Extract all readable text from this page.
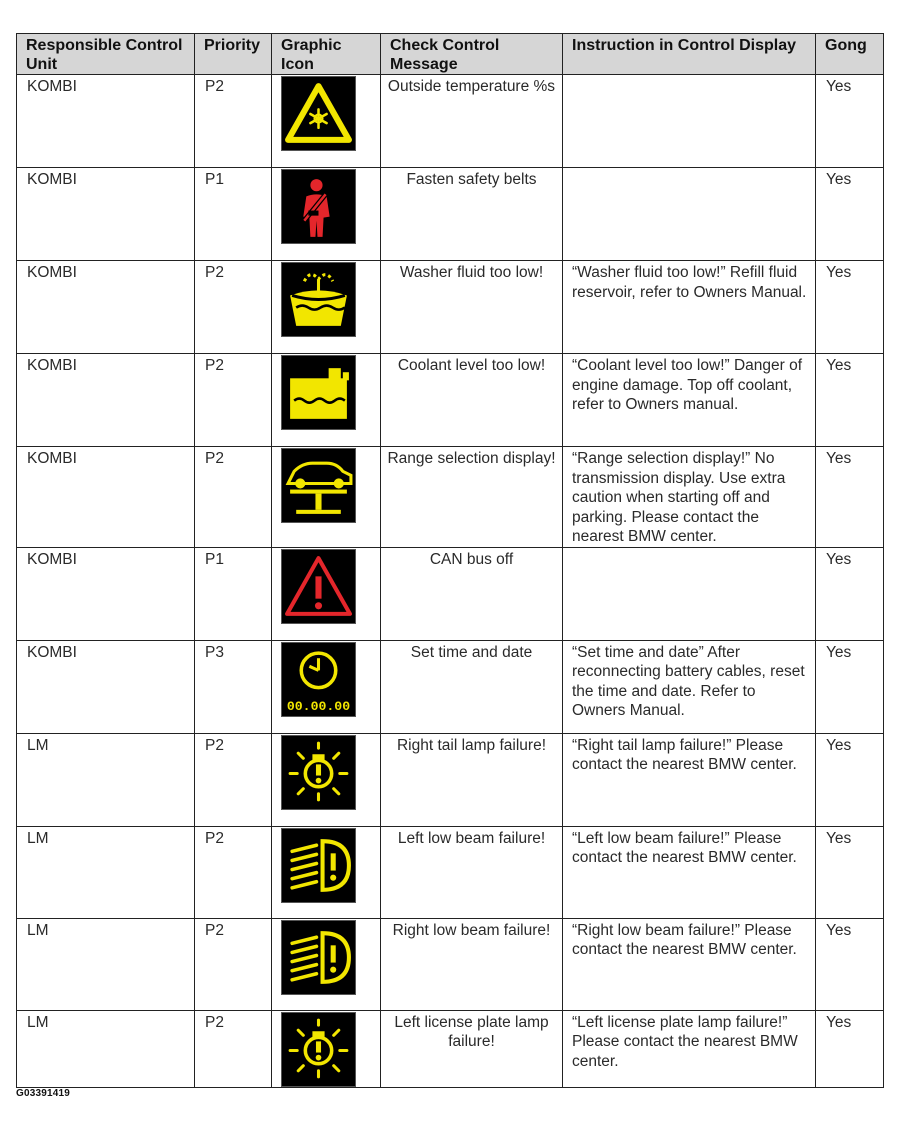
Responsible Control Unit	Priority	Graphic Icon	Check Control Message	Instruction in Control Display	Gong
KOMBI	P2		Outside temperature %s		Yes
KOMBI	P1		Fasten safety belts		Yes
KOMBI	P2		Washer fluid too low!	“Washer fluid too low!” Refill fluid reservoir, refer to Owners Manual.	Yes
KOMBI	P2		Coolant level too low!	“Coolant level too low!” Danger of engine damage. Top off coolant, refer to Owners manual.	Yes
KOMBI	P2		Range selection display!	“Range selection display!” No transmission display. Use extra caution when starting off and parking. Please contact the nearest BMW center.	Yes
KOMBI	P1		CAN bus off		Yes
KOMBI	P3	00.00.00	Set time and date	“Set time and date” After reconnecting battery cables, reset the time and date. Refer to Owners Manual.	Yes
LM	P2		Right tail lamp failure!	“Right tail lamp failure!” Please contact the nearest BMW center.	Yes
LM	P2		Left low beam failure!	“Left low beam failure!” Please contact the nearest BMW center.	Yes
LM	P2		Right low beam failure!	“Right low beam failure!” Please contact the nearest BMW center.	Yes
LM	P2		Left license plate lamp failure!	“Left license plate lamp failure!” Please contact the nearest BMW center.	Yes
G03391419
